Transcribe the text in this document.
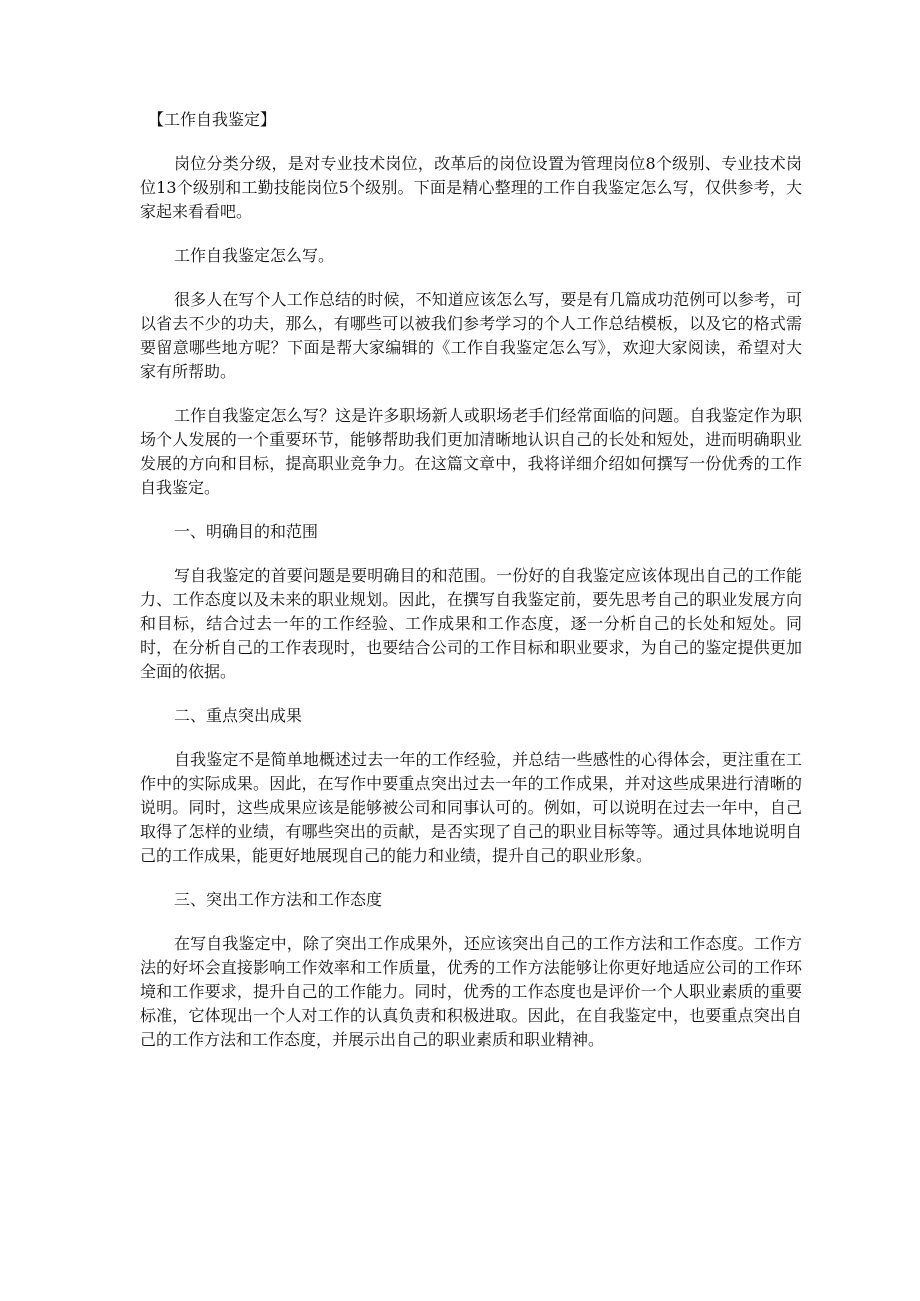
【工作自我鉴定】

岗位分类分级，是对专业技术岗位，改革后的岗位设置为管理岗位8个级别、专业技术岗位13个级别和工勤技能岗位5个级别。下面是精心整理的工作自我鉴定怎么写，仅供参考，大家起来看看吧。

工作自我鉴定怎么写。

很多人在写个人工作总结的时候，不知道应该怎么写，要是有几篇成功范例可以参考，可以省去不少的功夫，那么，有哪些可以被我们参考学习的个人工作总结模板，以及它的格式需要留意哪些地方呢？下面是帮大家编辑的《工作自我鉴定怎么写》，欢迎大家阅读，希望对大家有所帮助。

工作自我鉴定怎么写？这是许多职场新人或职场老手们经常面临的问题。自我鉴定作为职场个人发展的一个重要环节，能够帮助我们更加清晰地认识自己的长处和短处，进而明确职业发展的方向和目标，提高职业竞争力。在这篇文章中，我将详细介绍如何撰写一份优秀的工作自我鉴定。

一、明确目的和范围

写自我鉴定的首要问题是要明确目的和范围。一份好的自我鉴定应该体现出自己的工作能力、工作态度以及未来的职业规划。因此，在撰写自我鉴定前，要先思考自己的职业发展方向和目标，结合过去一年的工作经验、工作成果和工作态度，逐一分析自己的长处和短处。同时，在分析自己的工作表现时，也要结合公司的工作目标和职业要求，为自己的鉴定提供更加全面的依据。

二、重点突出成果

自我鉴定不是简单地概述过去一年的工作经验，并总结一些感性的心得体会，更注重在工作中的实际成果。因此，在写作中要重点突出过去一年的工作成果，并对这些成果进行清晰的说明。同时，这些成果应该是能够被公司和同事认可的。例如，可以说明在过去一年中，自己取得了怎样的业绩，有哪些突出的贡献，是否实现了自己的职业目标等等。通过具体地说明自己的工作成果，能更好地展现自己的能力和业绩，提升自己的职业形象。

三、突出工作方法和工作态度

在写自我鉴定中，除了突出工作成果外，还应该突出自己的工作方法和工作态度。工作方法的好坏会直接影响工作效率和工作质量，优秀的工作方法能够让你更好地适应公司的工作环境和工作要求，提升自己的工作能力。同时，优秀的工作态度也是评价一个人职业素质的重要标准，它体现出一个人对工作的认真负责和积极进取。因此，在自我鉴定中，也要重点突出自己的工作方法和工作态度，并展示出自己的职业素质和职业精神。
